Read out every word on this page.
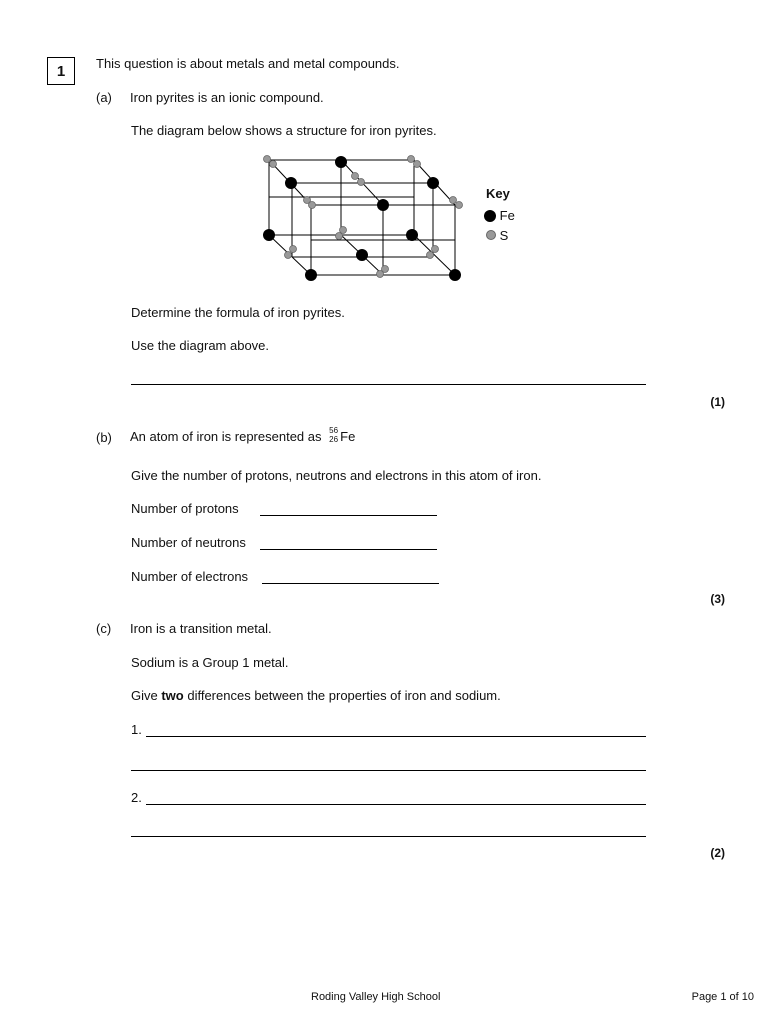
1 This question is about metals and metal compounds.
(a) Iron pyrites is an ionic compound.
The diagram below shows a structure for iron pyrites.
Key
Fe
S
Determine the formula of iron pyrites.
Use the diagram above.
(1)
(b) An atom of iron is represented as 56
26 Fe
Give the number of protons, neutrons and electrons in this atom of iron.
Number of protons
Number of neutrons
Number of electrons
(3)
(c) Iron is a transition metal.
Sodium is a Group 1 metal.
Give two differences between the properties of iron and sodium.
1.
2.
(2)
Roding Valley High School	Page 1 of 10
